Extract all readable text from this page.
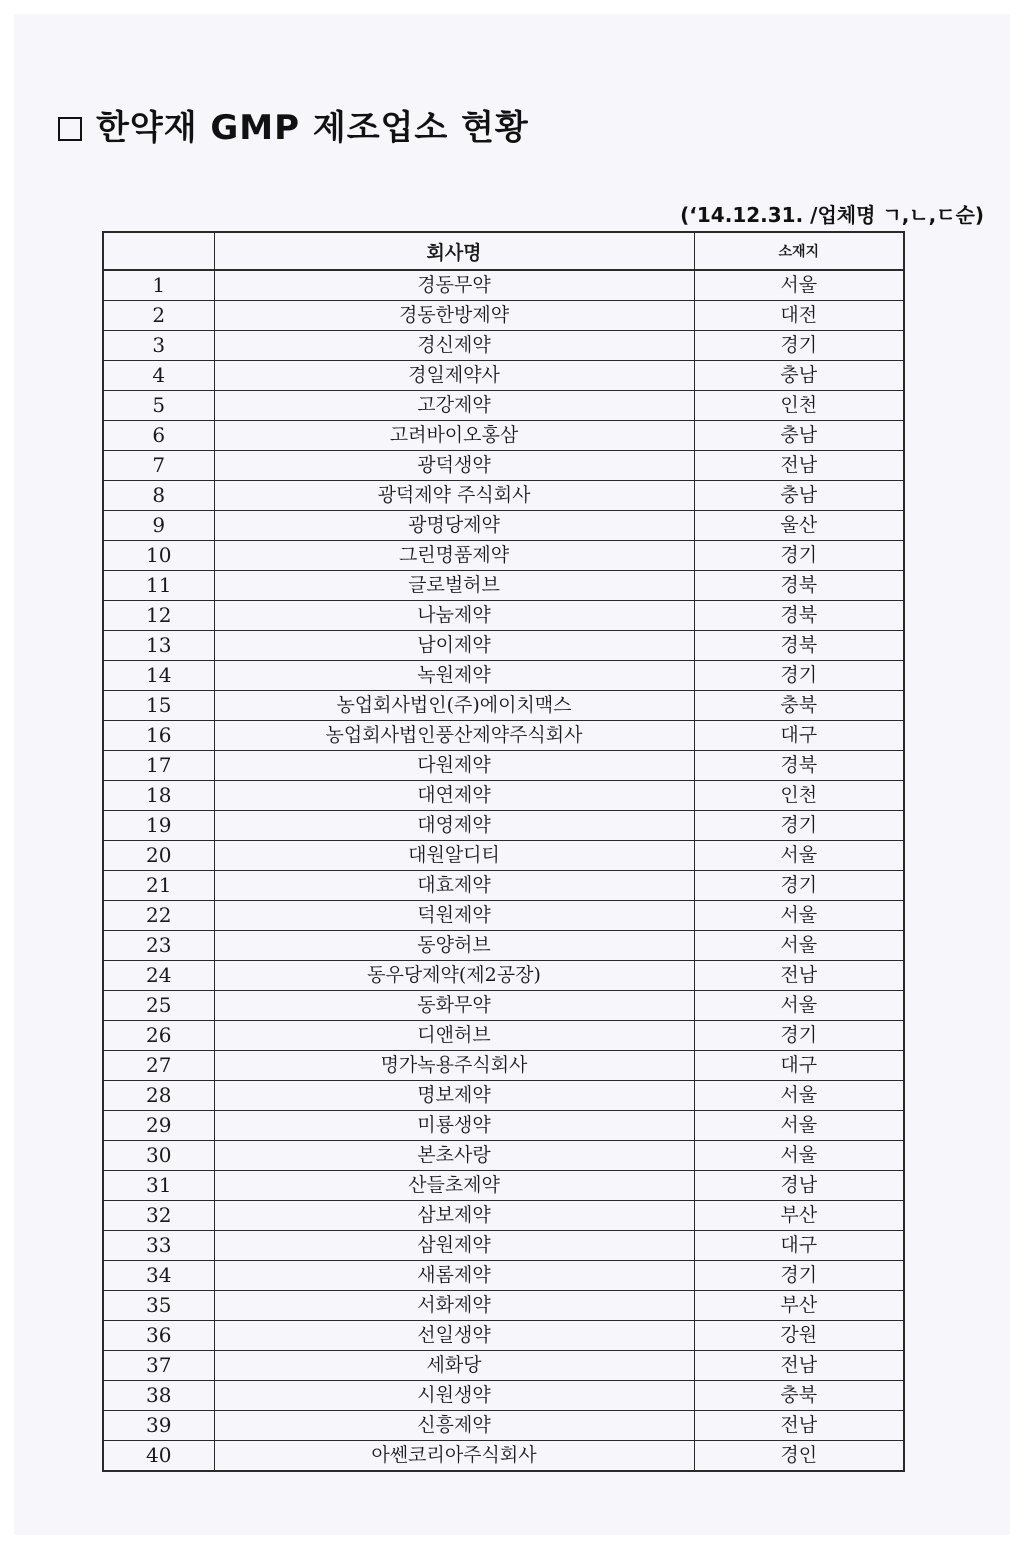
한약재 GMP 제조업소 현황
(‘14.12.31. /업체명 ㄱ,ㄴ,ㄷ순)
	회사명	소재지
1	경동무약	서울
2	경동한방제약	대전
3	경신제약	경기
4	경일제약사	충남
5	고강제약	인천
6	고려바이오홍삼	충남
7	광덕생약	전남
8	광덕제약 주식회사	충남
9	광명당제약	울산
10	그린명품제약	경기
11	글로벌허브	경북
12	나눔제약	경북
13	남이제약	경북
14	녹원제약	경기
15	농업회사법인(주)에이치맥스	충북
16	농업회사법인풍산제약주식회사	대구
17	다원제약	경북
18	대연제약	인천
19	대영제약	경기
20	대원알디티	서울
21	대효제약	경기
22	덕원제약	서울
23	동양허브	서울
24	동우당제약(제2공장)	전남
25	동화무약	서울
26	디앤허브	경기
27	명가녹용주식회사	대구
28	명보제약	서울
29	미룡생약	서울
30	본초사랑	서울
31	산들초제약	경남
32	삼보제약	부산
33	삼원제약	대구
34	새롬제약	경기
35	서화제약	부산
36	선일생약	강원
37	세화당	전남
38	시원생약	충북
39	신흥제약	전남
40	아쎈코리아주식회사	경인
